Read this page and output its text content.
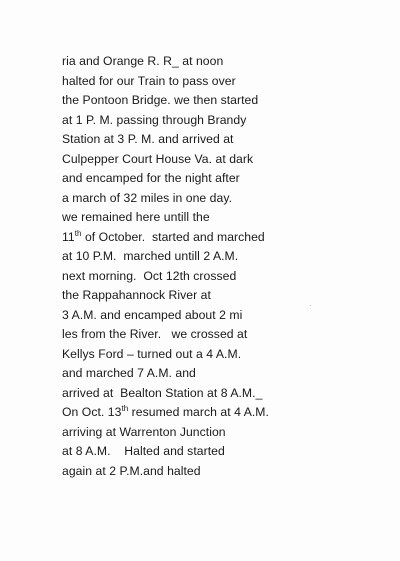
ria and Orange R. R_ at noon
halted for our Train to pass over
the Pontoon Bridge. we then started
at 1 P. M. passing through Brandy
Station at 3 P. M. and arrived at
Culpepper Court House Va. at dark
and encamped for the night after
a march of 32 miles in one day.
we remained here untill the
11th of October.  started and marched
at 10 P.M.  marched untill 2 A.M.
next morning.  Oct 12th crossed
the Rappahannock River at
3 A.M. and encamped about 2 mi
les from the River.   we crossed at
Kellys Ford – turned out a 4 A.M.
and marched 7 A.M. and
arrived at  Bealton Station at 8 A.M._
On Oct. 13th resumed march at 4 A.M.
arriving at Warrenton Junction
at 8 A.M.    Halted and started
again at 2 P.M.and halted
